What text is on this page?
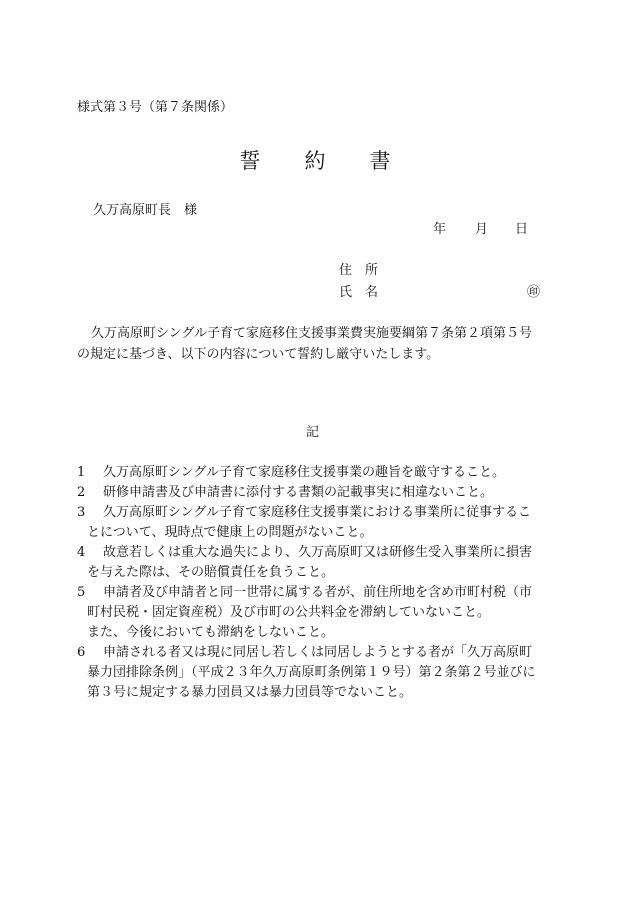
様式第３号（第７条関係）
誓 約 書
久万高原町長　様
年 月 日
住　所
氏　名	㊞

久万高原町シングル子育て家庭移住支援事業費実施要綱第７条第２項第５号

の規定に基づき、以下の内容について誓約し厳守いたします。

記
1 久万高原町シングル子育て家庭移住支援事業の趣旨を厳守すること。
2 研修申請書及び申請書に添付する書類の記載事実に相違ないこと。
3 久万高原町シングル子育て家庭移住支援事業における事業所に従事するこ
とについて、現時点で健康上の問題がないこと。
4 故意若しくは重大な過失により、久万高原町又は研修生受入事業所に損害
を与えた際は、その賠償責任を負うこと。
5 申請者及び申請者と同一世帯に属する者が、前住所地を含め市町村税（市
町村民税・固定資産税）及び市町の公共料金を滞納していないこと。
また、今後においても滞納をしないこと。
6 申請される者又は現に同居し若しくは同居しようとする者が「久万高原町
暴力団排除条例」（平成２３年久万高原町条例第１９号）第２条第２号並びに
第３号に規定する暴力団員又は暴力団員等でないこと。
